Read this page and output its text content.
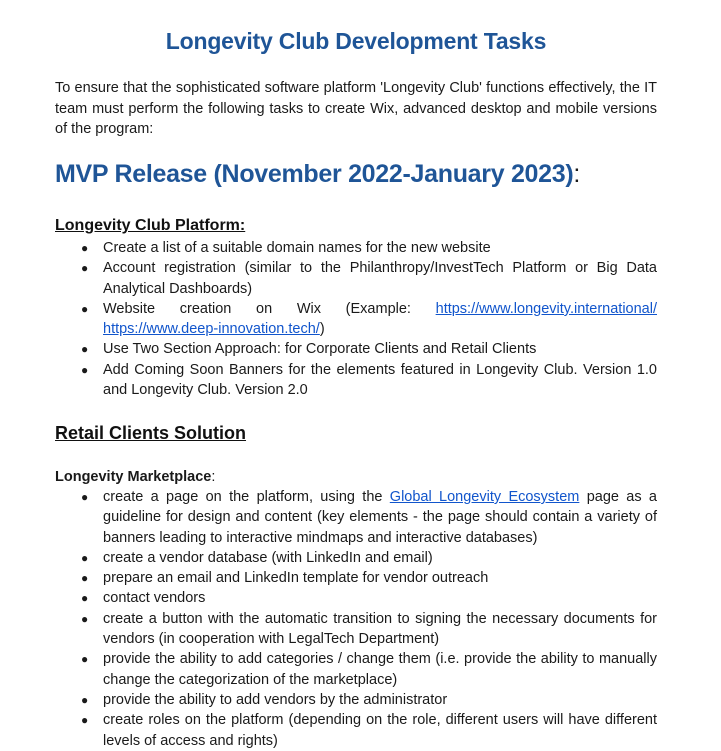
Longevity Club Development Tasks
To ensure that the sophisticated software platform 'Longevity Club' functions effectively, the IT team must perform the following tasks to create Wix, advanced desktop and mobile versions of the program:
MVP Release (November 2022-January 2023):
Longevity Club Platform:
● Create a list of a suitable domain names for the new website
● Account registration (similar to the Philanthropy/InvestTech Platform or Big Data Analytical Dashboards)
● Website creation on Wix (Example: https://www.longevity.international/
https://www.deep-innovation.tech/)
● Use Two Section Approach: for Corporate Clients and Retail Clients
● Add Coming Soon Banners for the elements featured in Longevity Club. Version 1.0 and Longevity Club. Version 2.0
Retail Clients Solution
Longevity Marketplace:
● create a page on the platform, using the Global Longevity Ecosystem page as a guideline for design and content (key elements - the page should contain a variety of banners leading to interactive mindmaps and interactive databases)
● create a vendor database (with LinkedIn and email)
● prepare an email and LinkedIn template for vendor outreach
● contact vendors
● create a button with the automatic transition to signing the necessary documents for vendors (in cooperation with LegalTech Department)
● provide the ability to add categories / change them (i.e. provide the ability to manually change the categorization of the marketplace)
● provide the ability to add vendors by the administrator
● create roles on the platform (depending on the role, different users will have different levels of access and rights)
